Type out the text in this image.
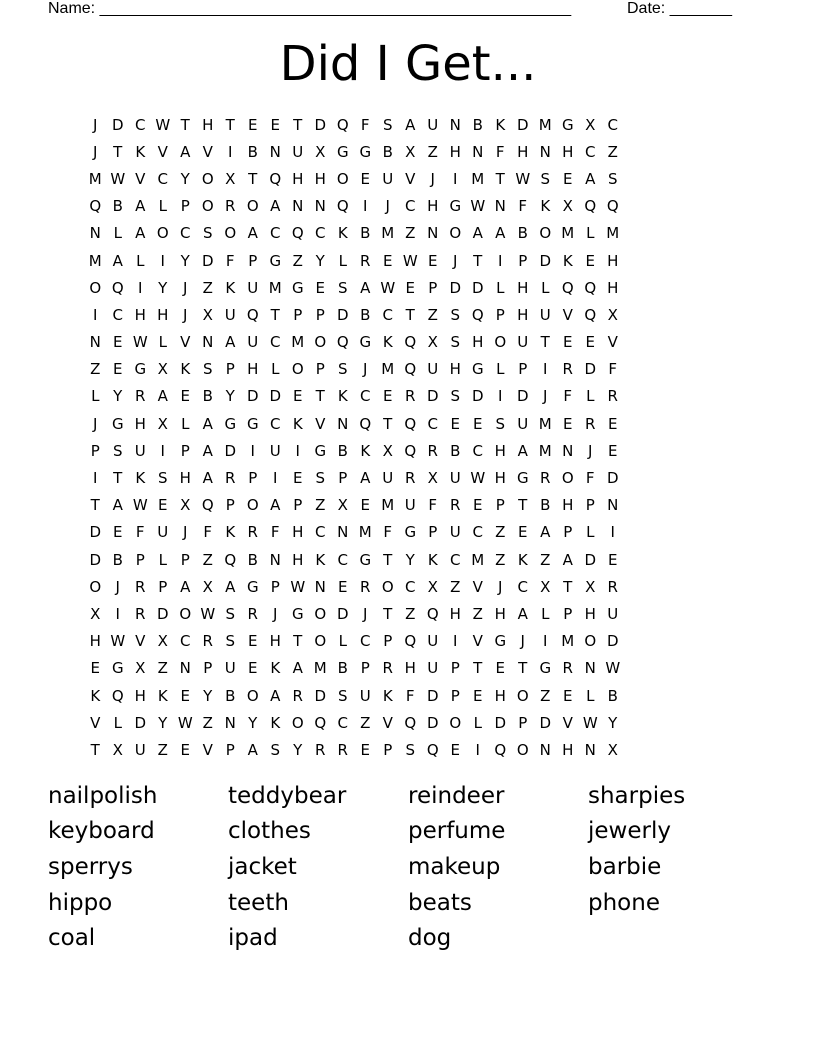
Name: _____________________________________________________	Date: _______
Did I Get...
J D C W T H T E E T D Q F S A U N B K D M G X C
J	T K V A V	I	B N U X G G B X Z H N F H N H C Z
M W V C Y O X T Q H H O E U V	J	I M T W S E A S
Q B A L P O R O A N N Q I	J	C H G W N F K X Q Q
N L A O C S O A C Q C K B M Z N O A A B O M L M
M A L	I	Y D F P G Z Y L R E W E	J	T	I	P D K E H
O Q I	Y	J	Z K U M G E S A W E P D D L H L Q Q H
I	C H H J	X U Q T P P D B C T Z S Q P H U V Q X
N E W L V N A U C M O Q G K Q X S H O U T E E V
Z E G X K S P H L O P S	J M Q U H G L P	I	R D F
L Y R A E B Y D D E T K C E R D S D I D J	F L R
J G H X L A G G C K V N Q T Q C E E S U M E R E
P S U I	P A D I U I G B K X Q R B C H A M N J	E
I	T K S H A R P	I	E S P A U R X U W H G R O F D
T A W E X Q P O A P Z X E M U F R E P T B H P N
D E F U J	F K R F H C N M F G P U C Z E A P L	I
D B P L P Z Q B N H K C G T Y K C M Z K Z A D E
O J	R P A X A G P W N E R O C X Z V	J	C X T X R
X	I	R D O W S R	J G O D J	T Z Q H Z H A L P H U
H W V X C R S E H T O L C P Q U I	V G J	I M O D
E G X Z N P U E K A M B P R H U P T E T G R N W
K Q H K E Y B O A R D S U K F D P E H O Z E L B
V L D Y W Z N Y K O Q C Z V Q D O L D P D V W Y
T X U Z E V P A S Y R R E P S Q E	I Q O N H N X
nailpolish	teddybear	reindeer	sharpies
keyboard	clothes	perfume	jewerly
sperrys	jacket	makeup	barbie
hippo	teeth	beats	phone
coal	ipad	dog
